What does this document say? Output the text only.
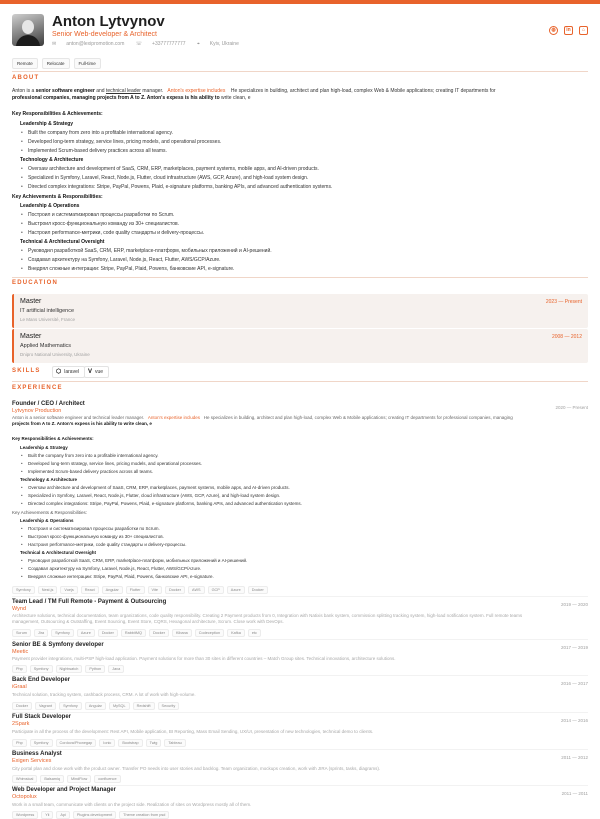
Anton Lytvynov
Senior Web-developer & Architect
✉ anton@lexipromotion.com ☏ +33777777777 ⌖ Kyiv, Ukraine
◍	in	⌂
Remote	Relocate	Full-time
ABOUT
Anton is a senior software engineer and technical leader manager. Anton's expertise includes He specializes in building, architect and plan high-load, complex Web & Mobile applications; creating IT departments for
professional companies, managing projects from A to Z. Anton's expess is his ability to write clean, e
Key Responsibilities & Achievements:
Leadership & Strategy
• Built the company from zero into a profitable international agency.
• Developed long-term strategy, service lines, pricing models, and operational processes.
• Implemented Scrum-based delivery practices across all teams.
Technology & Architecture
• Oversaw architecture and development of SaaS, CRM, ERP, marketplaces, payment systems, mobile apps, and AI-driven products.
• Specialized in Symfony, Laravel, React, Node.js, Flutter, cloud infrastructure (AWS, GCP, Azure), and high-load system design.
• Directed complex integrations: Stripe, PayPal, Powens, Plaid, e-signature platforms, banking APIs, and advanced authentication systems.
Key Achievements & Responsibilities:
Leadership & Operations
• Построил и систематизировал процессы разработки по Scrum.
• Выстроил кросс-функциональную команду из 30+ специалистов.
• Настроил performance-метрики, code quality стандарты и delivery-процессы.
Technical & Architectural Oversight
• Руководил разработкой SaaS, CRM, ERP, marketplace-платформ, мобильных приложений и AI-решений.
• Создавал архитектуру на Symfony, Laravel, Node.js, React, Flutter, AWS/GCP/Azure.
• Внедрял сложные интеграции: Stripe, PayPal, Plaid, Powens, банковские API, e-signature.
EDUCATION
Master
IT artificial intelligence
Le Mans Université, France
2023 — Present
Master
Applied Mathematics
Dnipro National University, Ukraine
2008 — 2012
SKILLS	⬡ laravel V vue
EXPERIENCE
Founder / CEO / Architect
Lytvynov Production
2020 — Present
Anton is a senior software engineer and technical leader manager. Anton's expertise includes He specializes in building, architect and plan high-load, complex Web & Mobile applications; creating IT departments for professional companies, managing
projects from A to Z. Anton's expess is his ability to write clean, e
Key Responsibilities & Achievements:
Leadership & Strategy
• Built the company from zero into a profitable international agency.
• Developed long-term strategy, service lines, pricing models, and operational processes.
• Implemented Scrum-based delivery practices across all teams.
Technology & Architecture
• Oversaw architecture and development of SaaS, CRM, ERP, marketplaces, payment systems, mobile apps, and AI-driven products.
• Specialized in Symfony, Laravel, React, Node.js, Flutter, cloud infrastructure (AWS, GCP, Azure), and high-load system design.
• Directed complex integrations: Stripe, PayPal, Powens, Plaid, e-signature platforms, banking APIs, and advanced authentication systems.
Key Achievements & Responsibilities:
Leadership & Operations
• Построил и систематизировал процессы разработки по Scrum.
• Выстроил кросс-функциональную команду из 30+ специалистов.
• Настроил performance-метрики, code quality стандарты и delivery-процессы.
Technical & Architectural Oversight
• Руководил разработкой SaaS, CRM, ERP, marketplace-платформ, мобильных приложений и AI-решений.
• Создавал архитектуру на Symfony, Laravel, Node.js, React, Flutter, AWS/GCP/Azure.
• Внедрял сложные интеграции: Stripe, PayPal, Plaid, Powens, банковские API, e-signature.
Symfony	Nest.js	Vuejs	React	Angular	Flutter	Vite	Docker	AWS	GCP	Azure	Docker
Team Lead / TM Full Remote - Payment & Outsourcing
Wynd
2019 — 2020
Architecture solutions, technical documentation, team organizations, code quality responsibility. Creating 2 Payment products from 0, Integration with Natixis bank system, commission splitting tracking system, high-load notification system. Full remote teams
management, Outsourcing & Outstaffing, Event Sourcing, Event Store, CQRS, Hexagonal architecture, Scrum. Close work with DevOps.
Scrum	Jira	Symfony	Azure	Docker	RabbitMQ	Docker	Kibana	Codeception	Kafka	etc
Senior BE & Symfony developer
Meetic
2017 — 2019
Payment provider integrations, multi-PSP high-load application. Payment solutions for more than 30 sites in different countries – Match Group sites. Technical innovations, architecture solutions.
Php	Symfony	Nightwatch	Python	Java
Back End Developer
iGraal
2016 — 2017
Technical solution, tracking system, cashback process, CRM. A lot of work with high-volume.
Docker	Vagrant	Symfony	Angular	MySQL	Redshift	Security
Full Stack Developer
2Spark
2014 — 2016
Participate in all the process of the development: Rest API, Mobile application, BI Reporting, Mass Email Sending, UX/UI, presentation of new technologies, technical demo to clients.
Php	Symfony	Cordova/Phonegap	Ionic	Bootstrap	Twig	Tableau
Business Analyst
Exigen Services
2011 — 2012
City portal plan and close work with the product owner. Transfer PO needs into user stories and backlog. Team organization, mockups creation, work with JIRA (sprints, tasks, diagrams).
Whimsical	Balsamiq	MindFlow	confluence
Web Developer and Project Manager
Octopolux
2011 — 2011
Work in a small team, communicate with clients on the project side. Realization of sites on Wordpress mostly all of them.
Wordpress	Yii	Api	Plugins development	Theme creation from psd
